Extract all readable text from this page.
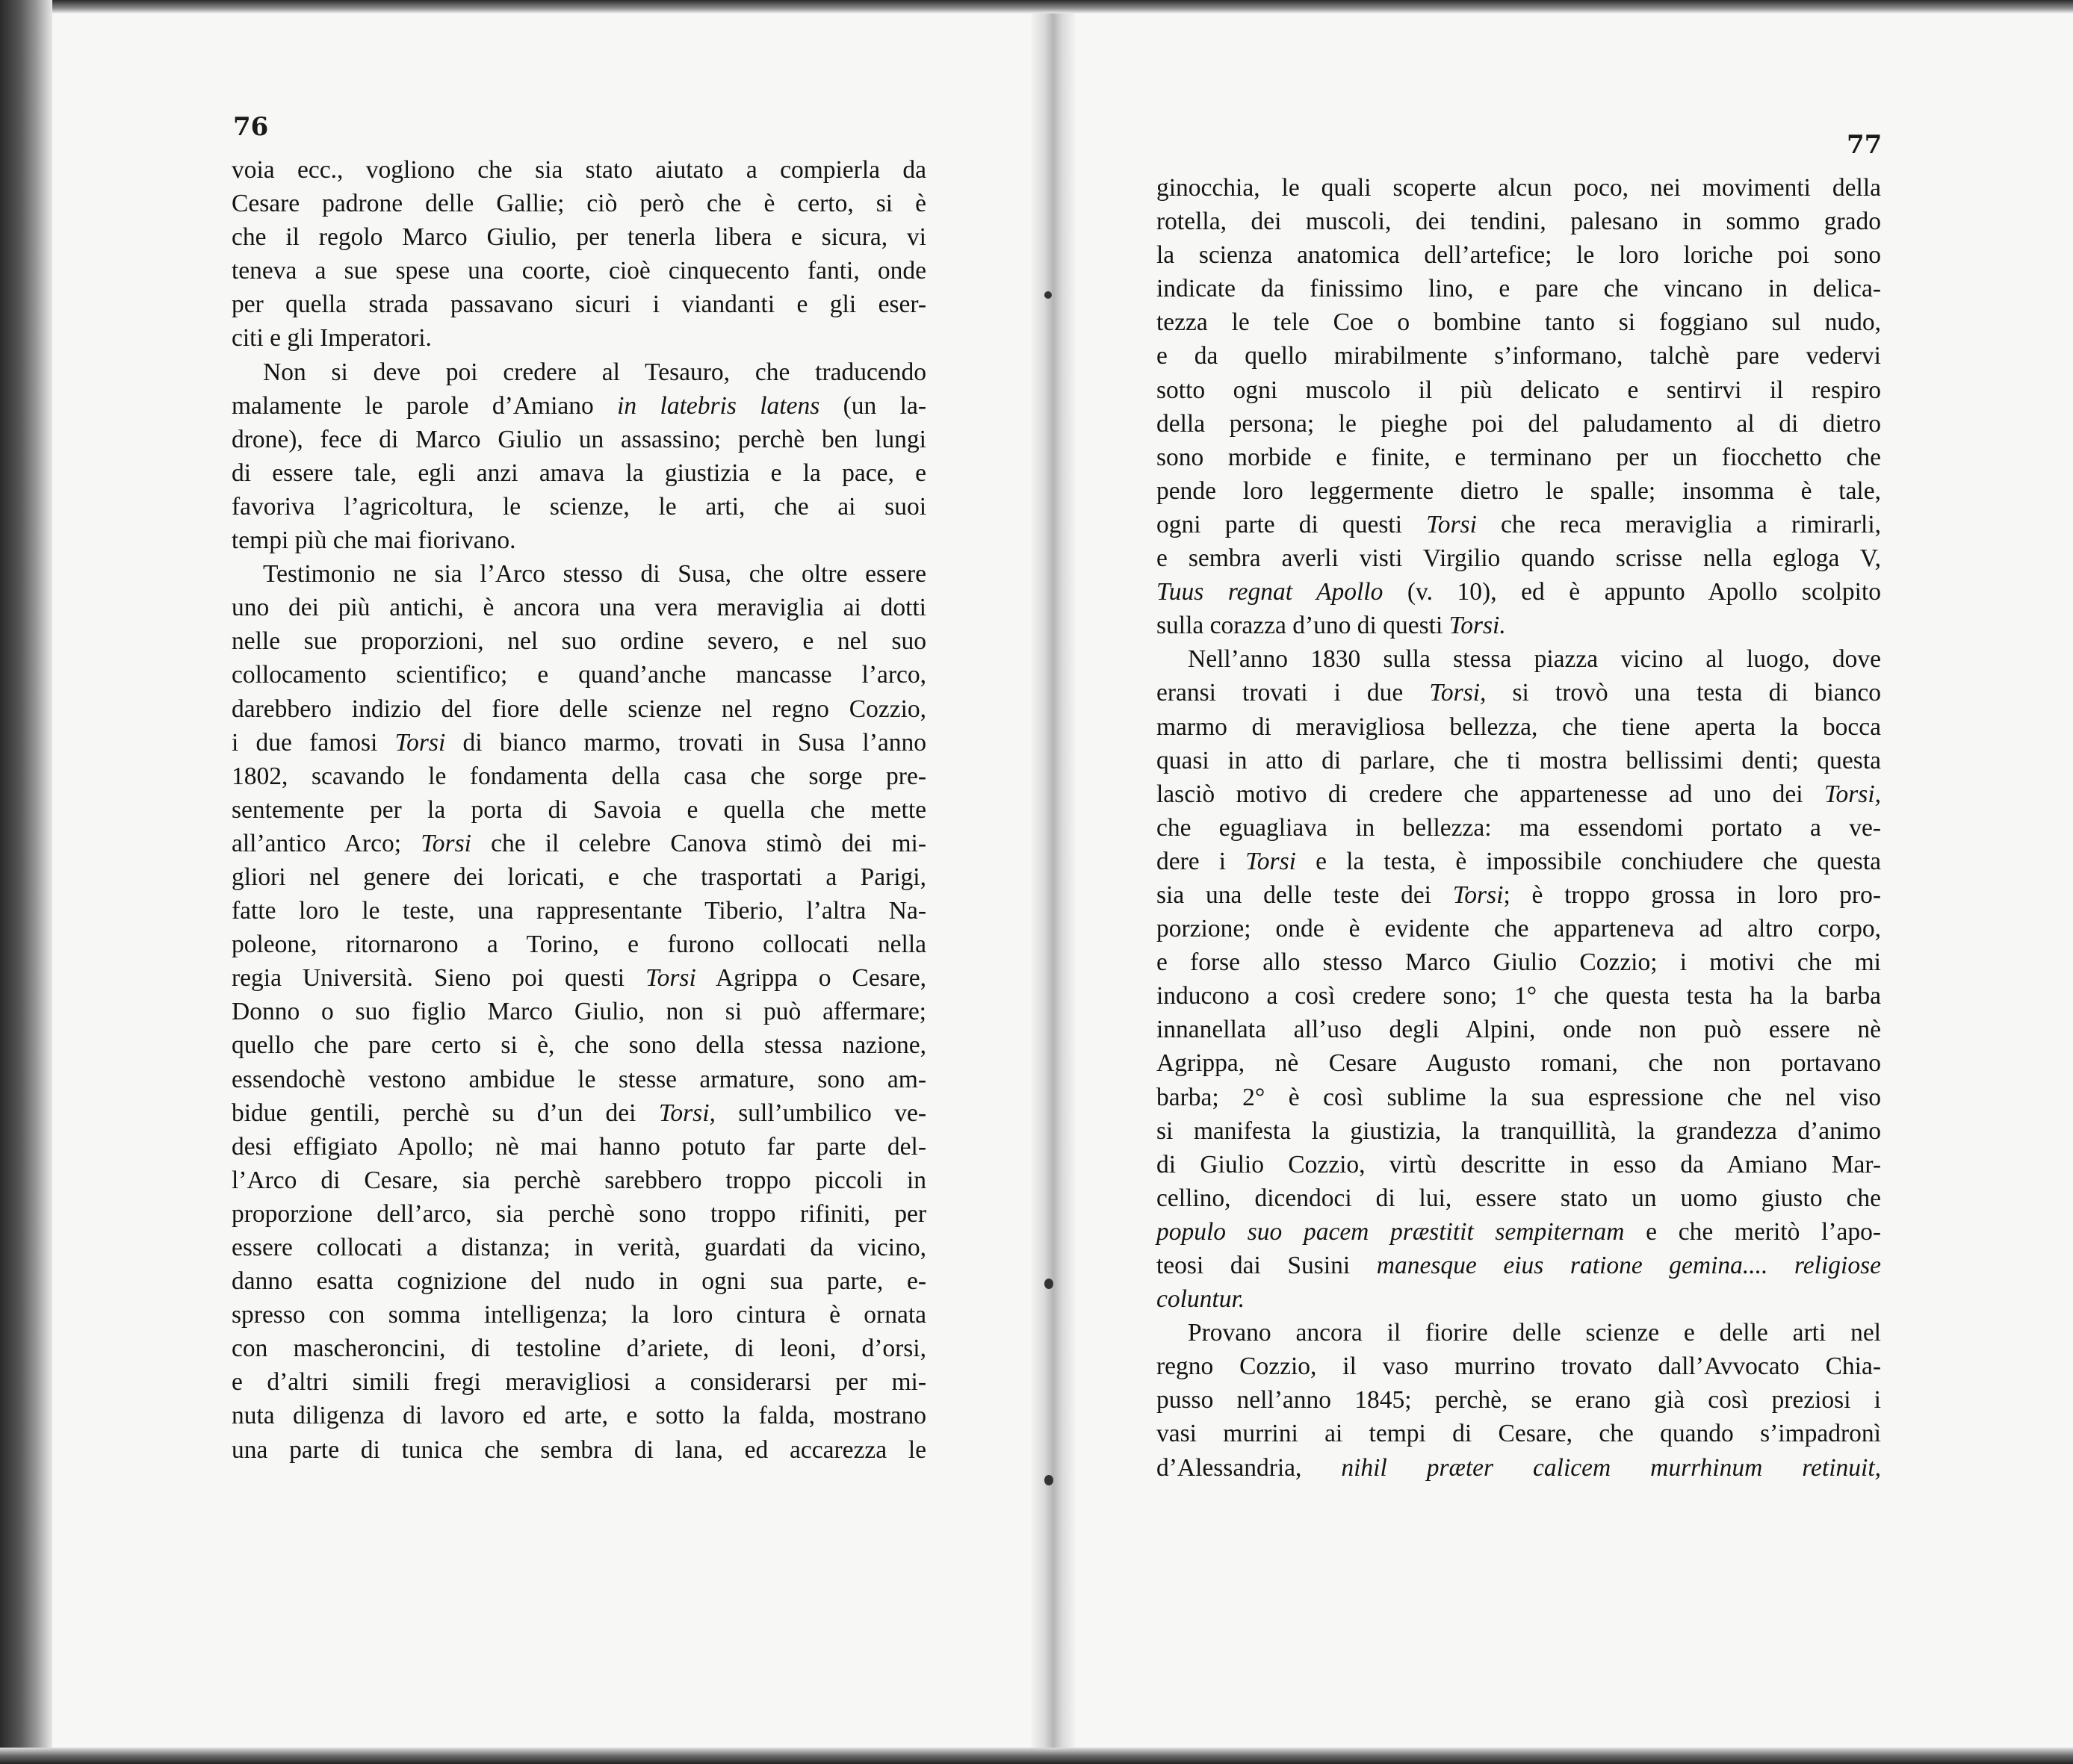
76
77
voia ecc., vogliono che sia stato aiutato a compierla da
Cesare padrone delle Gallie; ciò però che è certo, si è
che il regolo Marco Giulio, per tenerla libera e sicura, vi
teneva a sue spese una coorte, cioè cinquecento fanti, onde
per quella strada passavano sicuri i viandanti e gli eser-
citi e gli Imperatori.
Non si deve poi credere al Tesauro, che traducendo
malamente le parole d’Amiano in latebris latens (un la-
drone), fece di Marco Giulio un assassino; perchè ben lungi
di essere tale, egli anzi amava la giustizia e la pace, e
favoriva l’agricoltura, le scienze, le arti, che ai suoi
tempi più che mai fiorivano.
Testimonio ne sia l’Arco stesso di Susa, che oltre essere
uno dei più antichi, è ancora una vera meraviglia ai dotti
nelle sue proporzioni, nel suo ordine severo, e nel suo
collocamento scientifico; e quand’anche mancasse l’arco,
darebbero indizio del fiore delle scienze nel regno Cozzio,
i due famosi Torsi di bianco marmo, trovati in Susa l’anno
1802, scavando le fondamenta della casa che sorge pre-
sentemente per la porta di Savoia e quella che mette
all’antico Arco; Torsi che il celebre Canova stimò dei mi-
gliori nel genere dei loricati, e che trasportati a Parigi,
fatte loro le teste, una rappresentante Tiberio, l’altra Na-
poleone, ritornarono a Torino, e furono collocati nella
regia Università. Sieno poi questi Torsi Agrippa o Cesare,
Donno o suo figlio Marco Giulio, non si può affermare;
quello che pare certo si è, che sono della stessa nazione,
essendochè vestono ambidue le stesse armature, sono am-
bidue gentili, perchè su d’un dei Torsi, sull’umbilico ve-
desi effigiato Apollo; nè mai hanno potuto far parte del-
l’Arco di Cesare, sia perchè sarebbero troppo piccoli in
proporzione dell’arco, sia perchè sono troppo rifiniti, per
essere collocati a distanza; in verità, guardati da vicino,
danno esatta cognizione del nudo in ogni sua parte, e-
spresso con somma intelligenza; la loro cintura è ornata
con mascheroncini, di testoline d’ariete, di leoni, d’orsi,
e d’altri simili fregi meravigliosi a considerarsi per mi-
nuta diligenza di lavoro ed arte, e sotto la falda, mostrano
una parte di tunica che sembra di lana, ed accarezza le
ginocchia, le quali scoperte alcun poco, nei movimenti della
rotella, dei muscoli, dei tendini, palesano in sommo grado
la scienza anatomica dell’artefice; le loro loriche poi sono
indicate da finissimo lino, e pare che vincano in delica-
tezza le tele Coe o bombine tanto si foggiano sul nudo,
e da quello mirabilmente s’informano, talchè pare vedervi
sotto ogni muscolo il più delicato e sentirvi il respiro
della persona; le pieghe poi del paludamento al di dietro
sono morbide e finite, e terminano per un fiocchetto che
pende loro leggermente dietro le spalle; insomma è tale,
ogni parte di questi Torsi che reca meraviglia a rimirarli,
e sembra averli visti Virgilio quando scrisse nella egloga V,
Tuus regnat Apollo (v. 10), ed è appunto Apollo scolpito
sulla corazza d’uno di questi Torsi.
Nell’anno 1830 sulla stessa piazza vicino al luogo, dove
eransi trovati i due Torsi, si trovò una testa di bianco
marmo di meravigliosa bellezza, che tiene aperta la bocca
quasi in atto di parlare, che ti mostra bellissimi denti; questa
lasciò motivo di credere che appartenesse ad uno dei Torsi,
che eguagliava in bellezza: ma essendomi portato a ve-
dere i Torsi e la testa, è impossibile conchiudere che questa
sia una delle teste dei Torsi; è troppo grossa in loro pro-
porzione; onde è evidente che apparteneva ad altro corpo,
e forse allo stesso Marco Giulio Cozzio; i motivi che mi
inducono a così credere sono; 1° che questa testa ha la barba
innanellata all’uso degli Alpini, onde non può essere nè
Agrippa, nè Cesare Augusto romani, che non portavano
barba; 2° è così sublime la sua espressione che nel viso
si manifesta la giustizia, la tranquillità, la grandezza d’animo
di Giulio Cozzio, virtù descritte in esso da Amiano Mar-
cellino, dicendoci di lui, essere stato un uomo giusto che
populo suo pacem præstitit sempiternam e che meritò l’apo-
teosi dai Susini manesque eius ratione gemina.... religiose
coluntur.
Provano ancora il fiorire delle scienze e delle arti nel
regno Cozzio, il vaso murrino trovato dall’Avvocato Chia-
pusso nell’anno 1845; perchè, se erano già così preziosi i
vasi murrini ai tempi di Cesare, che quando s’impadronì
d’Alessandria, nihil præter calicem murrhinum retinuit,
